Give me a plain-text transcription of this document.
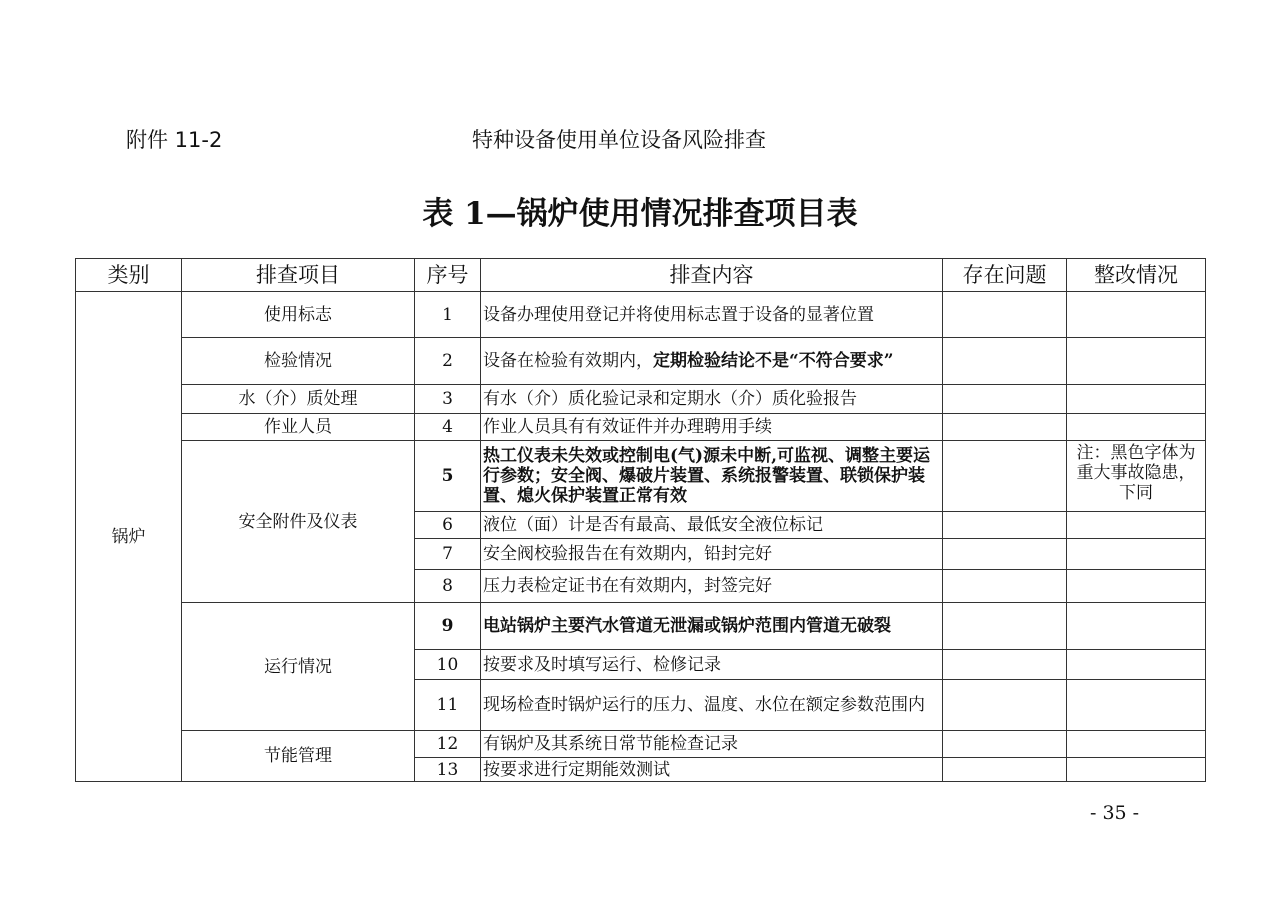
附件 11-2	特种设备使用单位设备风险排查
表 1—锅炉使用情况排查项目表
类别	排查项目	序号	排查内容	存在问题	整改情况
锅炉	使用标志	1	设备办理使用登记并将使用标志置于设备的显著位置		
	检验情况	2	设备在检验有效期内，定期检验结论不是“不符合要求”		
	水（介）质处理	3	有水（介）质化验记录和定期水（介）质化验报告		
	作业人员	4	作业人员具有有效证件并办理聘用手续		
	安全附件及仪表	5	热工仪表未失效或控制电(气)源未中断,可监视、调整主要运行参数；安全阀、爆破片装置、系统报警装置、联锁保护装置、熄火保护装置正常有效		注：黑色字体为重大事故隐患，下同
		6	液位（面）计是否有最高、最低安全液位标记		
		7	安全阀校验报告在有效期内，铅封完好		
		8	压力表检定证书在有效期内，封签完好		
	运行情况	9	电站锅炉主要汽水管道无泄漏或锅炉范围内管道无破裂		
		10	按要求及时填写运行、检修记录		
		11	现场检查时锅炉运行的压力、温度、水位在额定参数范围内		
	节能管理	12	有锅炉及其系统日常节能检查记录		
		13	按要求进行定期能效测试		
- 35 -
